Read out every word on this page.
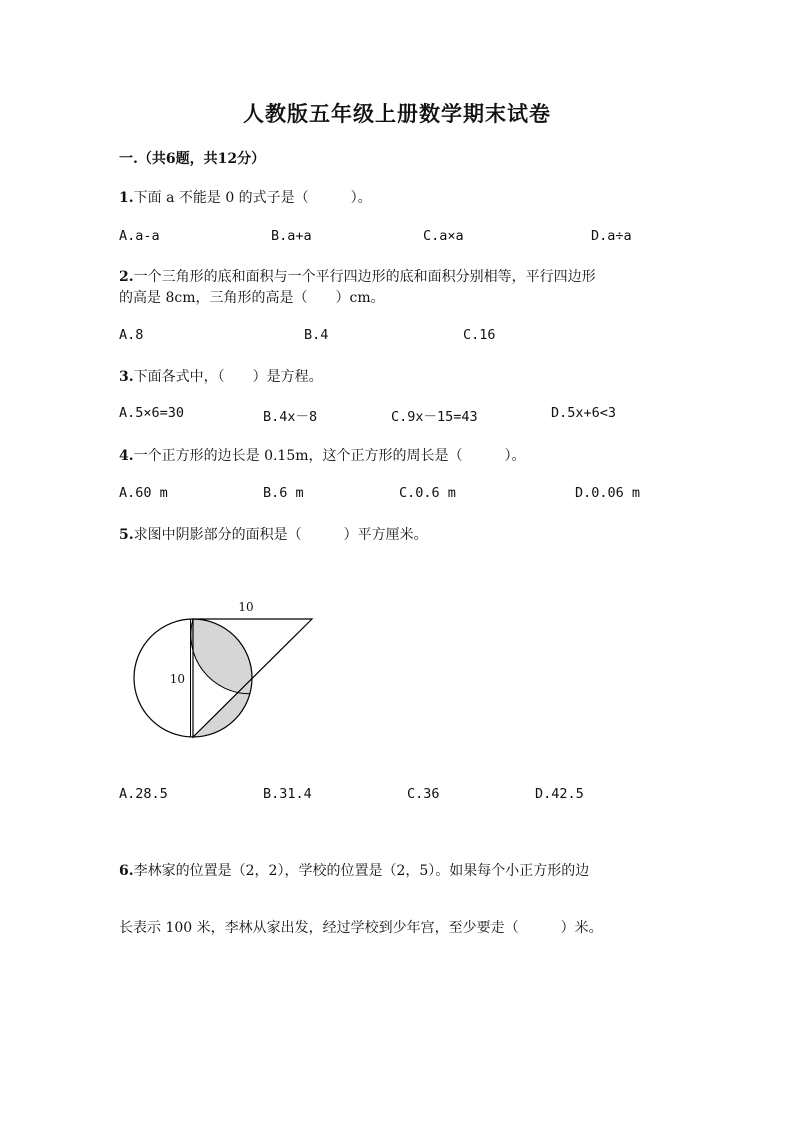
人教版五年级上册数学期末试卷
一.（共6题，共12分）
1.下面 a 不能是 0 的式子是（　　　）。
A.a-a	B.a+a	C.a×a	D.a÷a
2.一个三角形的底和面积与一个平行四边形的底和面积分别相等，平行四边形
的高是 8cm，三角形的高是（　　）cm。
A.8	B.4	C.16
3.下面各式中，（　　）是方程。
A.5×6=30	B.4x－8	C.9x－15=43	D.5x+6<3
4.一个正方形的边长是 0.15m，这个正方形的周长是（　　　）。
A.60 m	B.6 m	C.0.6 m	D.0.06 m
5.求图中阴影部分的面积是（　　　）平方厘米。
10
10
A.28.5	B.31.4	C.36	D.42.5
6.李林家的位置是（2，2），学校的位置是（2，5）。如果每个小正方形的边
长表示 100 米，李林从家出发，经过学校到少年宫，至少要走（　　　）米。
